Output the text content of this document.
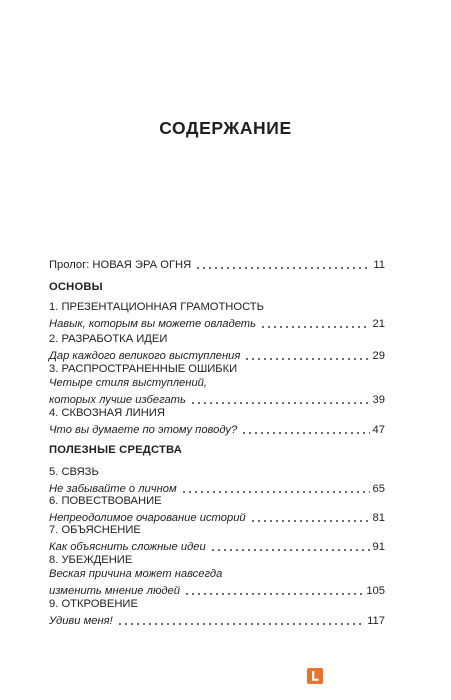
СОДЕРЖАНИЕ
Пролог: НОВАЯ ЭРА ОГНЯ	11
ОСНОВЫ
1. ПРЕЗЕНТАЦИОННАЯ ГРАМОТНОСТЬ
Навык, которым вы можете овладеть	21
2. РАЗРАБОТКА ИДЕИ
Дар каждого великого выступления	29
3. РАСПРОСТРАНЕННЫЕ ОШИБКИ
Четыре стиля выступлений,
которых лучше избегать	39
4. СКВОЗНАЯ ЛИНИЯ
Что вы думаете по этому поводу?	47
ПОЛЕЗНЫЕ СРЕДСТВА
5. СВЯЗЬ
Не забывайте о личном	65
6. ПОВЕСТВОВАНИЕ
Непреодолимое очарование историй	81
7. ОБЪЯСНЕНИЕ
Как объяснить сложные идеи	91
8. УБЕЖДЕНИЕ
Веская причина может навсегда
изменить мнение людей	105
9. ОТКРОВЕНИЕ
Удиви меня!	117
